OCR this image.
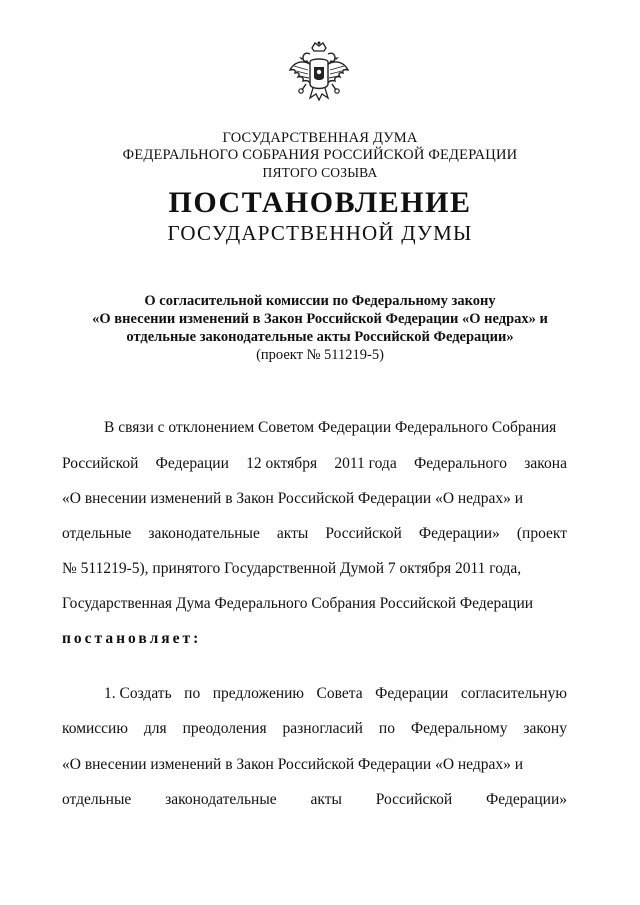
ГОСУДАРСТВЕННАЯ ДУМА
ФЕДЕРАЛЬНОГО СОБРАНИЯ РОССИЙСКОЙ ФЕДЕРАЦИИ
ПЯТОГО СОЗЫВА
ПОСТАНОВЛЕНИЕ
ГОСУДАРСТВЕННОЙ ДУМЫ
О согласительной комиссии по Федеральному закону
«О внесении изменений в Закон Российской Федерации «О недрах» и
отдельные законодательные акты Российской Федерации»
(проект № 511219-5)
В связи с отклонением Советом Федерации Федерального Собрания
Российской Федерации 12 октября 2011 года Федерального закона
«О внесении изменений в Закон Российской Федерации «О недрах» и
отдельные законодательные акты Российской Федерации» (проект
№ 511219-5), принятого Государственной Думой 7 октября 2011 года,
Государственная Дума Федерального Собрания Российской Федерации
постановляет:
1. Создать по предложению Совета Федерации согласительную
комиссию для преодоления разногласий по Федеральному закону
«О внесении изменений в Закон Российской Федерации «О недрах» и
отдельные законодательные акты Российской Федерации»
